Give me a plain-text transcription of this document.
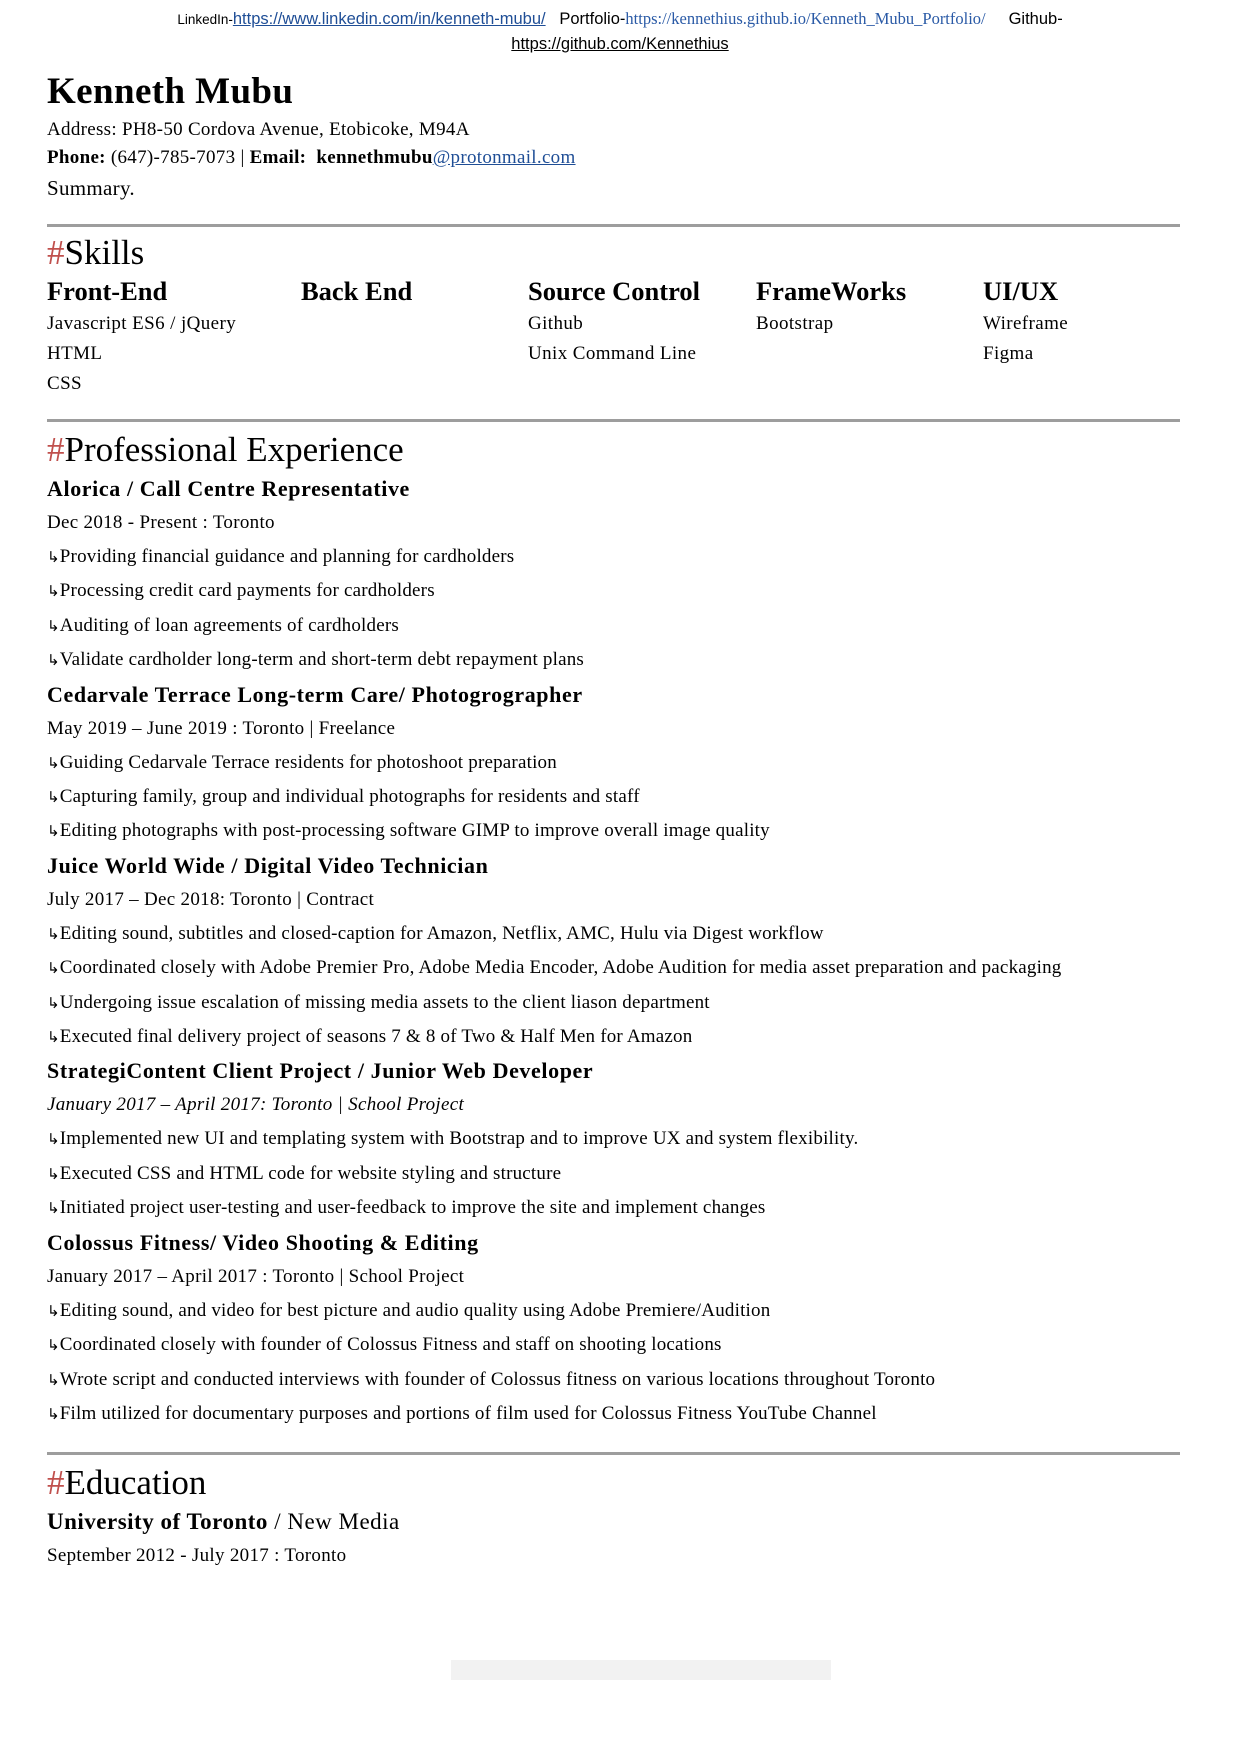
LinkedIn-https://www.linkedin.com/in/kenneth-mubu/ Portfolio-https://kennethius.github.io/Kenneth_Mubu_Portfolio/ Github-
https://github.com/Kennethius
Kenneth Mubu
Address: PH8-50 Cordova Avenue, Etobicoke, M94A
Phone: (647)-785-7073 | Email: kennethmubu@protonmail.com
Summary.
#Skills
Front-End
Javascript ES6 / jQuery
HTML
CSS
Back End	Source Control
Github
Unix Command Line
FrameWorks
Bootstrap
UI/UX
Wireframe
Figma
#Professional Experience
Alorica / Call Centre Representative
Dec 2018 - Present : Toronto
↳Providing financial guidance and planning for cardholders
↳Processing credit card payments for cardholders
↳Auditing of loan agreements of cardholders
↳Validate cardholder long-term and short-term debt repayment plans
Cedarvale Terrace Long-term Care/ Photogrographer
May 2019 – June 2019 : Toronto | Freelance
↳Guiding Cedarvale Terrace residents for photoshoot preparation
↳Capturing family, group and individual photographs for residents and staff
↳Editing photographs with post-processing software GIMP to improve overall image quality
Juice World Wide / Digital Video Technician
July 2017 – Dec 2018: Toronto | Contract
↳Editing sound, subtitles and closed-caption for Amazon, Netflix, AMC, Hulu via Digest workflow
↳Coordinated closely with Adobe Premier Pro, Adobe Media Encoder, Adobe Audition for media asset preparation and packaging
↳Undergoing issue escalation of missing media assets to the client liason department
↳Executed final delivery project of seasons 7 & 8 of Two & Half Men for Amazon
StrategiContent Client Project / Junior Web Developer
January 2017 – April 2017: Toronto | School Project
↳Implemented new UI and templating system with Bootstrap and to improve UX and system flexibility.
↳Executed CSS and HTML code for website styling and structure
↳Initiated project user-testing and user-feedback to improve the site and implement changes
Colossus Fitness/ Video Shooting & Editing
January 2017 – April 2017 : Toronto | School Project
↳Editing sound, and video for best picture and audio quality using Adobe Premiere/Audition
↳Coordinated closely with founder of Colossus Fitness and staff on shooting locations
↳Wrote script and conducted interviews with founder of Colossus fitness on various locations throughout Toronto
↳Film utilized for documentary purposes and portions of film used for Colossus Fitness YouTube Channel
#Education
University of Toronto / New Media
September 2012 - July 2017 : Toronto
